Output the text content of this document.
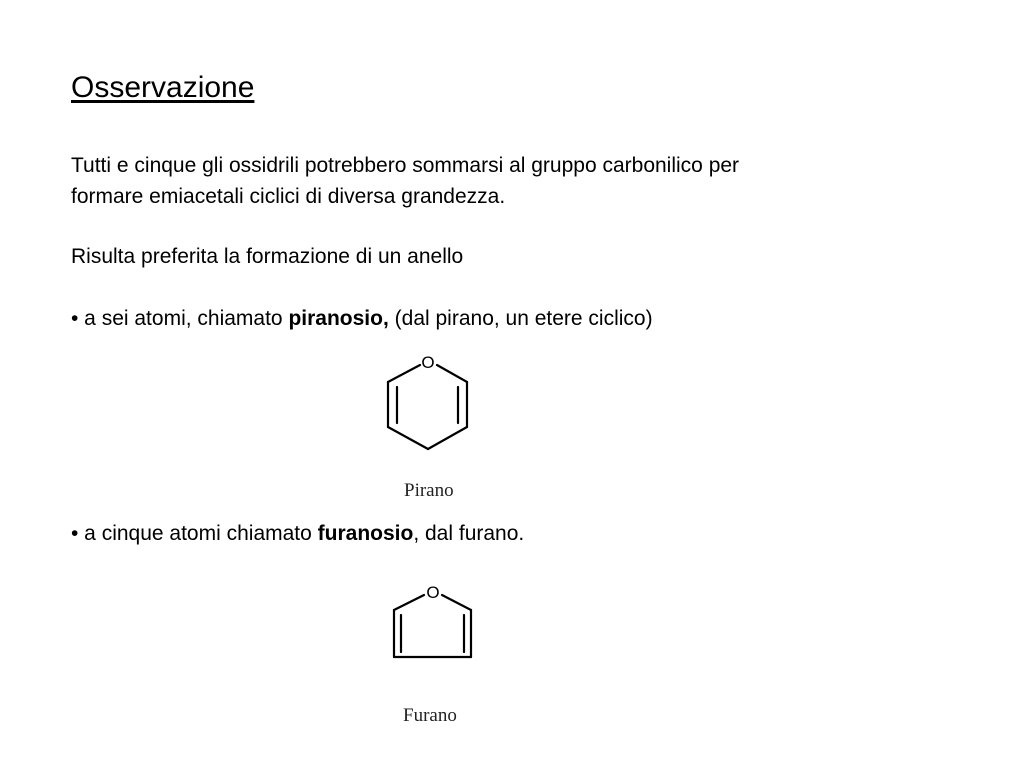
Osservazione

Tutti e cinque gli ossidrili potrebbero sommarsi al gruppo carbonilico per
formare emiacetali ciclici di diversa grandezza.

Risulta preferita la formazione di un anello

• a sei atomi, chiamato piranosio, (dal pirano, un etere ciclico)

O

Pirano

• a cinque atomi chiamato furanosio, dal furano.

O

Furano
